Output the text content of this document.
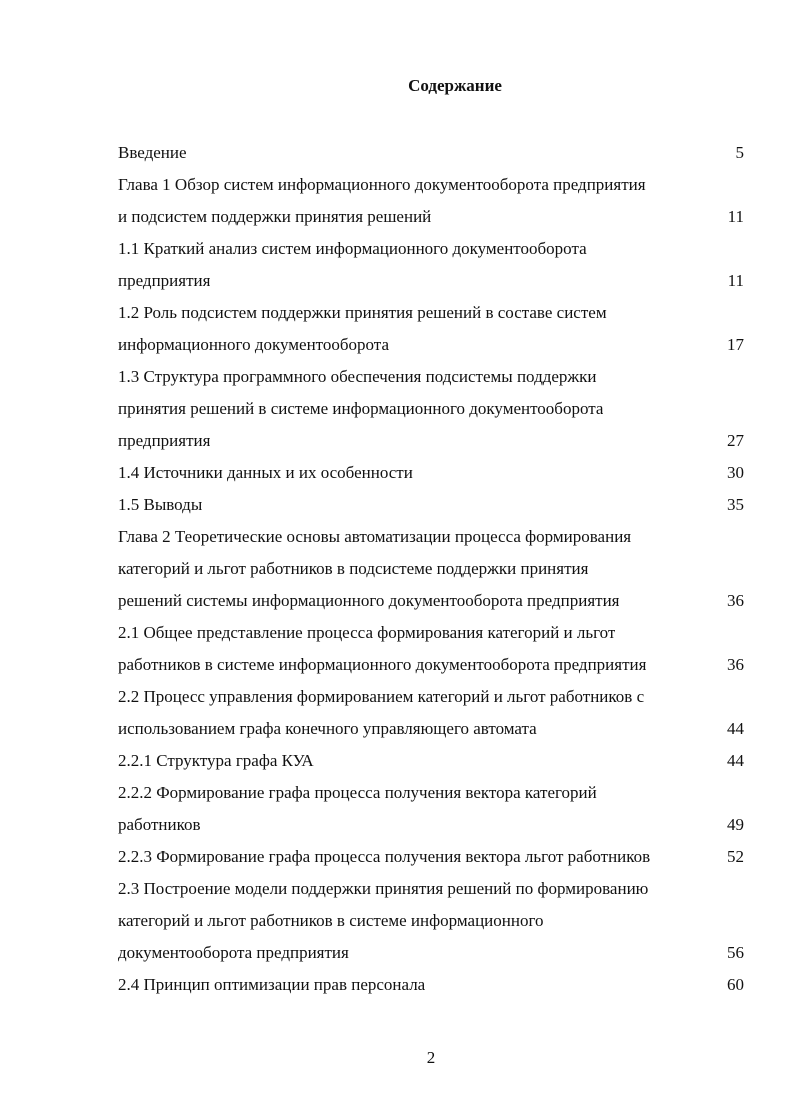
Содержание
Введение	5
Глава 1 Обзор систем информационного документооборота предприятия
и подсистем поддержки принятия решений	11
1.1 Краткий анализ систем информационного документооборота
предприятия	11
1.2 Роль подсистем поддержки принятия решений в составе систем
информационного документооборота	17
1.3 Структура программного обеспечения подсистемы поддержки
принятия решений в системе информационного документооборота
предприятия	27
1.4 Источники данных и их особенности	30
1.5 Выводы	35
Глава 2 Теоретические основы автоматизации процесса формирования
категорий и льгот работников в подсистеме поддержки принятия
решений системы информационного документооборота предприятия	36
2.1 Общее представление процесса формирования категорий и льгот
работников в системе информационного документооборота предприятия	36
2.2 Процесс управления формированием категорий и льгот работников с
использованием графа конечного управляющего автомата	44
2.2.1 Структура графа КУА	44
2.2.2 Формирование графа процесса получения вектора категорий
работников	49
2.2.3 Формирование графа процесса получения вектора льгот работников	52
2.3 Построение модели поддержки принятия решений по формированию
категорий и льгот работников в системе информационного
документооборота предприятия	56
2.4 Принцип оптимизации прав персонала	60
2
